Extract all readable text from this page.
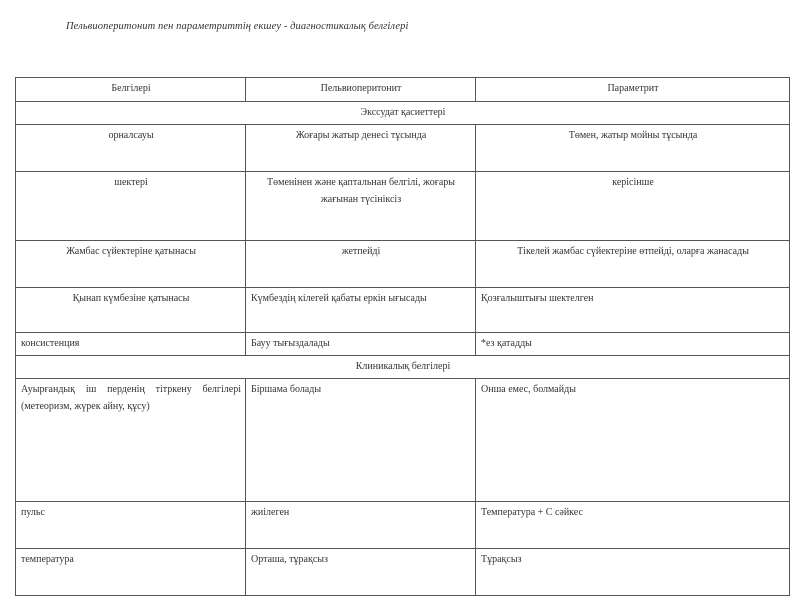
Пельвиоперитонит пен параметриттің екшеу - диагностикалық белгілері
Белгілері	Пельвиоперитонит	Параметрит
Экссудат қасиеттері		
орналсауы	Жоғары жатыр денесі тұсында	Төмен, жатыр мойны тұсында
шектері	Төменінен және қаптальнан белгілі, жоғары жағынан түсініксіз	керісінше
Жамбас сүйектеріне қатынасы	жетпейді	Тікелей жамбас сүйектеріне өтпейді, оларға жанасады
Қынап күмбезіне қатынасы	Күмбездің кілегей қабаты еркін ығысады	Қозғалыштығы шектелген
консистенция	Бауу тығыздалады	*ез қатадды
Клиникалық белгілері		
Ауырғандық іш перденің тітркену белгілері (метеоризм, жүрек айну, құсу)	Біршама болады	Онша емес, болмайды
пульс	жиілеген	Температура + С сәйкес
температура	Орташа, тұрақсыз	Тұрақсыз
